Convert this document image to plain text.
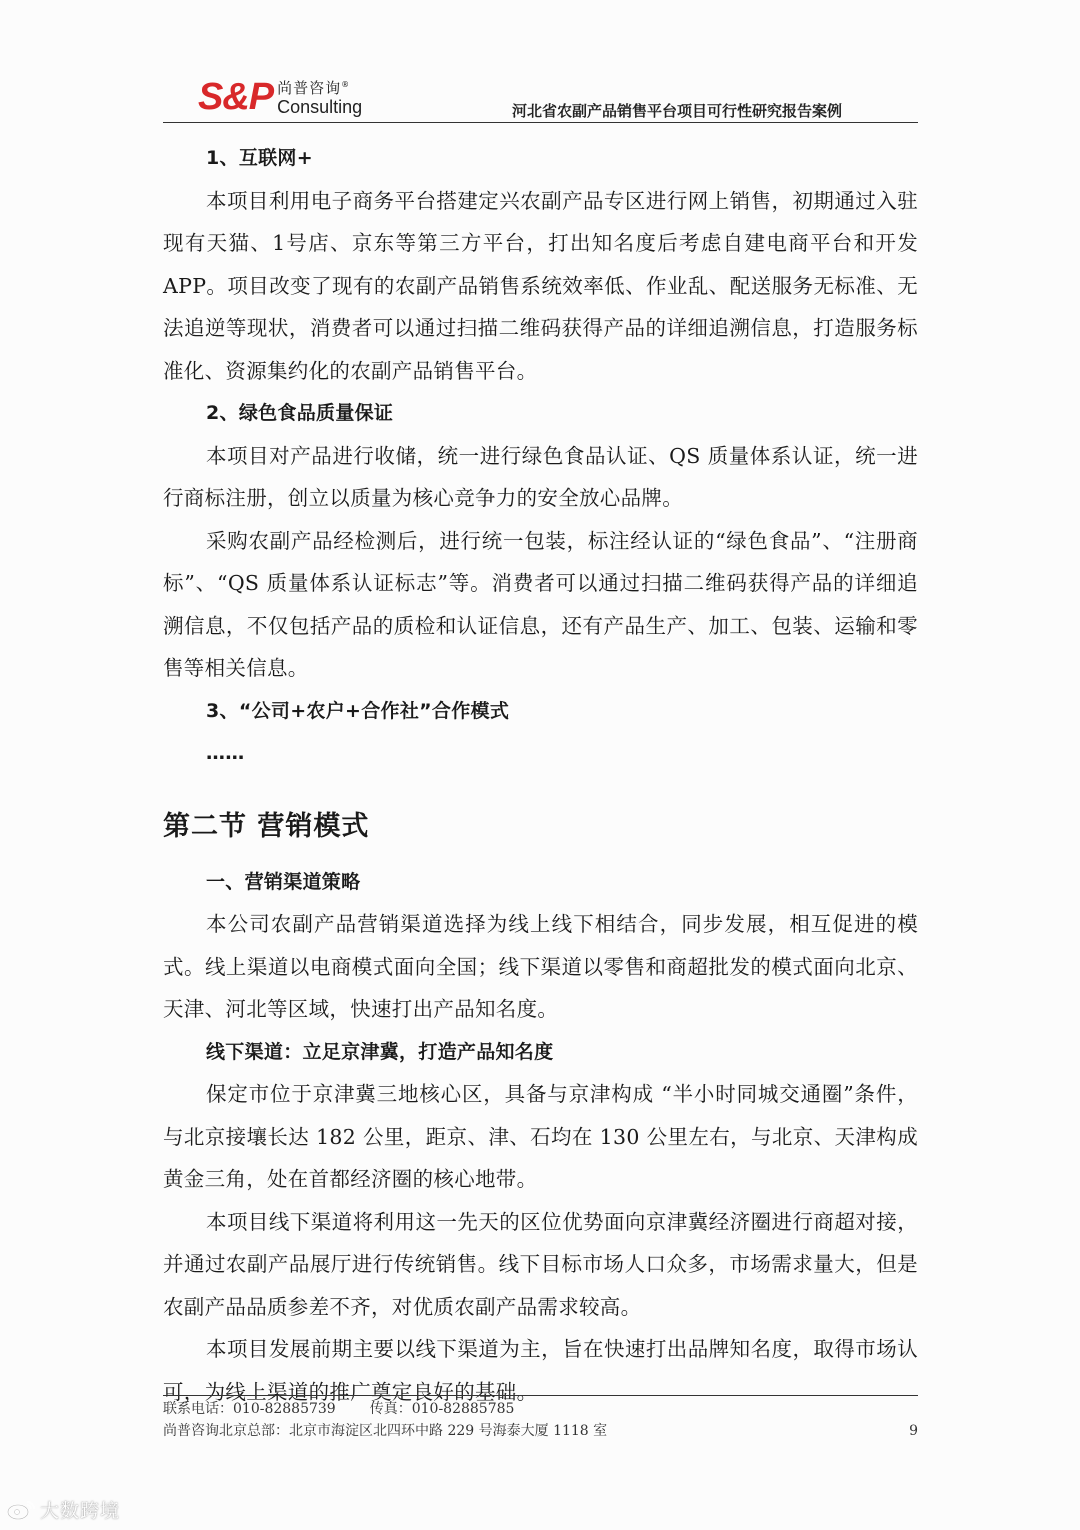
S&P 尚普咨询®
Consulting	河北省农副产品销售平台项目可行性研究报告案例

1、互联网+

本项目利用电子商务平台搭建定兴农副产品专区进行网上销售，初期通过入驻现有天猫、1号店、京东等第三方平台，打出知名度后考虑自建电商平台和开发 APP。项目改变了现有的农副产品销售系统效率低、作业乱、配送服务无标准、无法追逆等现状，消费者可以通过扫描二维码获得产品的详细追溯信息，打造服务标准化、资源集约化的农副产品销售平台。

2、绿色食品质量保证

本项目对产品进行收储，统一进行绿色食品认证、QS 质量体系认证，统一进行商标注册，创立以质量为核心竞争力的安全放心品牌。

采购农副产品经检测后，进行统一包装，标注经认证的“绿色食品”、“注册商标”、“QS 质量体系认证标志”等。消费者可以通过扫描二维码获得产品的详细追溯信息，不仅包括产品的质检和认证信息，还有产品生产、加工、包装、运输和零售等相关信息。

3、“公司+农户+合作社”合作模式

……

第二节 营销模式

一、营销渠道策略

本公司农副产品营销渠道选择为线上线下相结合，同步发展，相互促进的模式。线上渠道以电商模式面向全国；线下渠道以零售和商超批发的模式面向北京、天津、河北等区域，快速打出产品知名度。

线下渠道：立足京津冀，打造产品知名度

保定市位于京津冀三地核心区，具备与京津构成 “半小时同城交通圈”条件，与北京接壤长达 182 公里，距京、津、石均在 130 公里左右，与北京、天津构成黄金三角，处在首都经济圈的核心地带。

本项目线下渠道将利用这一先天的区位优势面向京津冀经济圈进行商超对接，并通过农副产品展厅进行传统销售。线下目标市场人口众多，市场需求量大，但是农副产品品质参差不齐，对优质农副产品需求较高。

本项目发展前期主要以线下渠道为主，旨在快速打出品牌知名度，取得市场认可，为线上渠道的推广奠定良好的基础。

联系电话：010-82885739 传真：010-82885785
尚普咨询北京总部：北京市海淀区北四环中路 229 号海泰大厦 1118 室	9
大数跨境
